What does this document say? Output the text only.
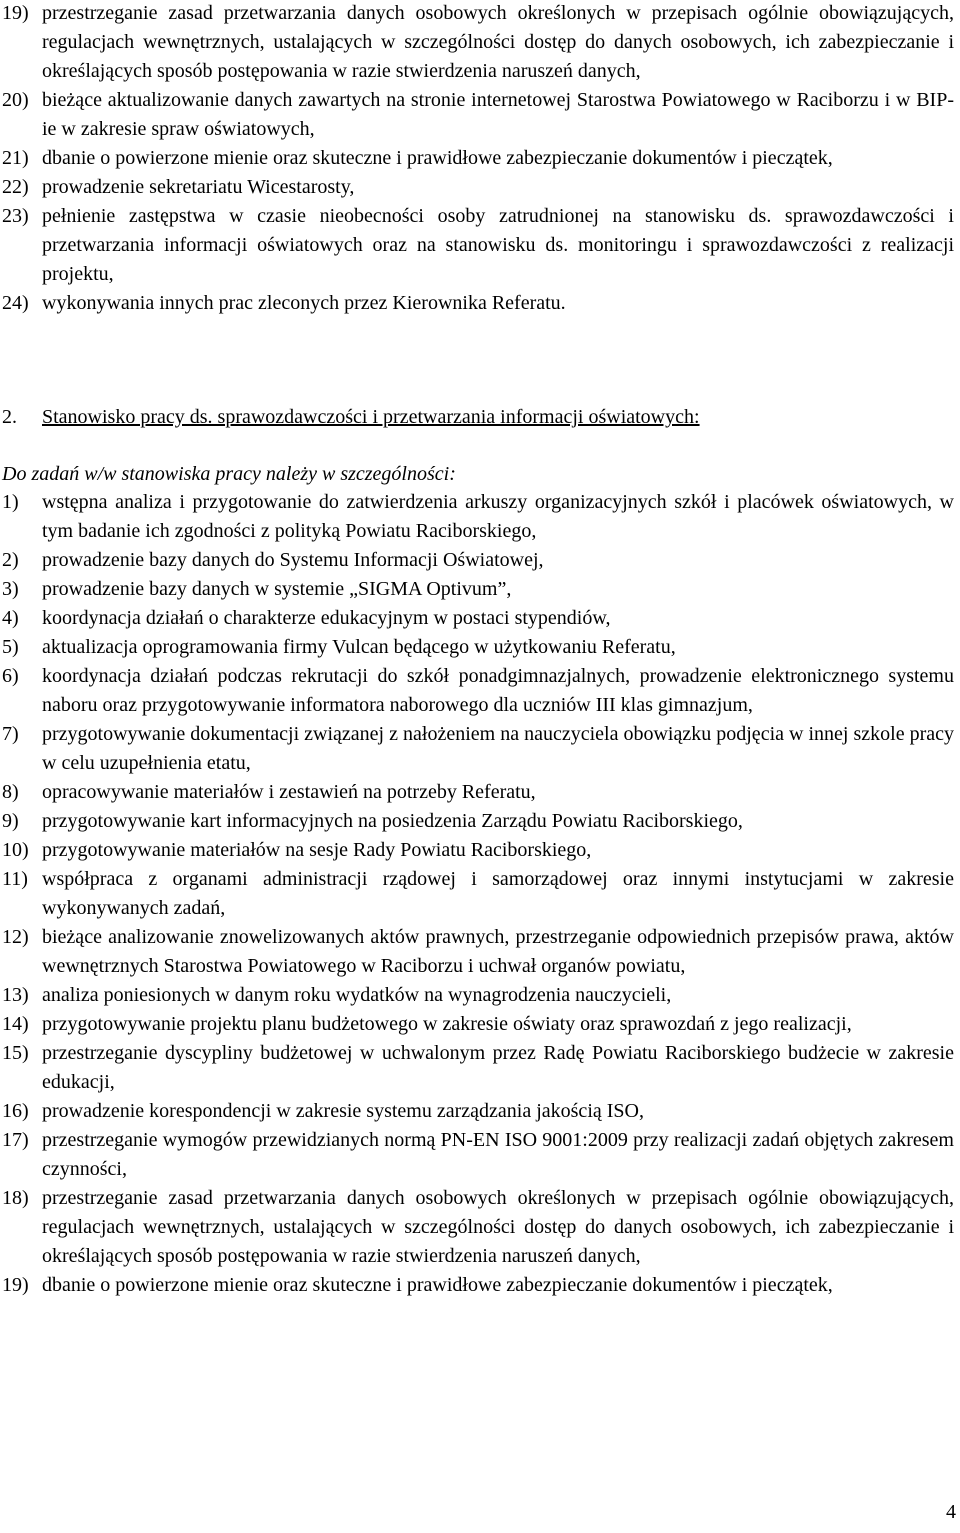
19) przestrzeganie zasad przetwarzania danych osobowych określonych w przepisach ogólnie obowiązujących, regulacjach wewnętrznych, ustalających w szczególności dostęp do danych osobowych, ich zabezpieczanie i określających sposób postępowania w razie stwierdzenia naruszeń danych,
20) bieżące aktualizowanie danych zawartych na stronie internetowej Starostwa Powiatowego w Raciborzu i w BIP-ie w zakresie spraw oświatowych,
21) dbanie o powierzone mienie oraz skuteczne i prawidłowe zabezpieczanie dokumentów i pieczątek,
22) prowadzenie sekretariatu Wicestarosty,
23) pełnienie zastępstwa w czasie nieobecności osoby zatrudnionej na stanowisku ds. sprawozdawczości i przetwarzania informacji oświatowych oraz na stanowisku ds. monitoringu i sprawozdawczości z realizacji projektu,
24) wykonywania innych prac zleconych przez Kierownika Referatu.
2. Stanowisko pracy ds. sprawozdawczości i przetwarzania informacji oświatowych:
Do zadań w/w stanowiska pracy należy w szczególności:
1) wstępna analiza i przygotowanie do zatwierdzenia arkuszy organizacyjnych szkół i placówek oświatowych, w tym badanie ich zgodności z polityką Powiatu Raciborskiego,
2) prowadzenie bazy danych do Systemu Informacji Oświatowej,
3) prowadzenie bazy danych w systemie „SIGMA Optivum”,
4) koordynacja działań o charakterze edukacyjnym w postaci stypendiów,
5) aktualizacja oprogramowania firmy Vulcan będącego w użytkowaniu Referatu,
6) koordynacja działań podczas rekrutacji do szkół ponadgimnazjalnych, prowadzenie elektronicznego systemu naboru oraz przygotowywanie informatora naborowego dla uczniów III klas gimnazjum,
7) przygotowywanie dokumentacji związanej z nałożeniem na nauczyciela obowiązku podjęcia w innej szkole pracy w celu uzupełnienia etatu,
8) opracowywanie materiałów i zestawień na potrzeby Referatu,
9) przygotowywanie kart informacyjnych na posiedzenia Zarządu Powiatu Raciborskiego,
10) przygotowywanie materiałów na sesje Rady Powiatu Raciborskiego,
11) współpraca z organami administracji rządowej i samorządowej oraz innymi instytucjami w zakresie wykonywanych zadań,
12) bieżące analizowanie znowelizowanych aktów prawnych, przestrzeganie odpowiednich przepisów prawa, aktów wewnętrznych Starostwa Powiatowego w Raciborzu i uchwał organów powiatu,
13) analiza poniesionych w danym roku wydatków na wynagrodzenia nauczycieli,
14) przygotowywanie projektu planu budżetowego w zakresie oświaty oraz sprawozdań z jego realizacji,
15) przestrzeganie dyscypliny budżetowej w uchwalonym przez Radę Powiatu Raciborskiego budżecie w zakresie edukacji,
16) prowadzenie korespondencji w zakresie systemu zarządzania jakością ISO,
17) przestrzeganie wymogów przewidzianych normą PN-EN ISO 9001:2009 przy realizacji zadań objętych zakresem czynności,
18) przestrzeganie zasad przetwarzania danych osobowych określonych w przepisach ogólnie obowiązujących, regulacjach wewnętrznych, ustalających w szczególności dostęp do danych osobowych, ich zabezpieczanie i określających sposób postępowania w razie stwierdzenia naruszeń danych,
19) dbanie o powierzone mienie oraz skuteczne i prawidłowe zabezpieczanie dokumentów i pieczątek,
4
